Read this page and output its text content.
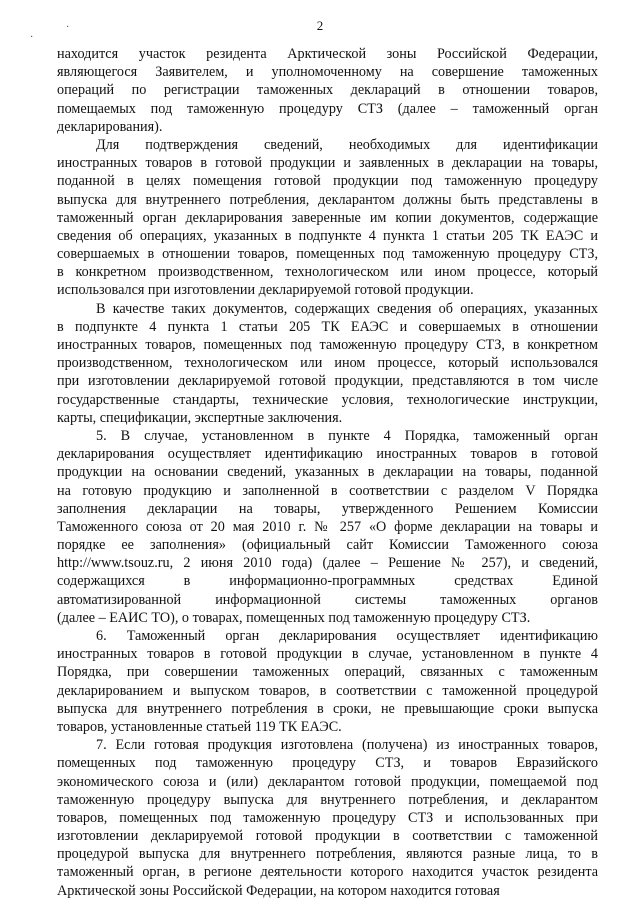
2
·
·
находится участок резидента Арктической зоны Российской Федерации,
являющегося Заявителем, и уполномоченному на совершение таможенных
операций по регистрации таможенных деклараций в отношении товаров,
помещаемых под таможенную процедуру СТЗ (далее – таможенный орган
декларирования).
Для подтверждения сведений, необходимых для идентификации
иностранных товаров в готовой продукции и заявленных в декларации на товары,
поданной в целях помещения готовой продукции под таможенную процедуру
выпуска для внутреннего потребления, декларантом должны быть представлены в
таможенный орган декларирования заверенные им копии документов, содержащие
сведения об операциях, указанных в подпункте 4 пункта 1 статьи 205 ТК ЕАЭС и
совершаемых в отношении товаров, помещенных под таможенную процедуру СТЗ,
в конкретном производственном, технологическом или ином процессе, который
использовался при изготовлении декларируемой готовой продукции.
В качестве таких документов, содержащих сведения об операциях, указанных
в подпункте 4 пункта 1 статьи 205 ТК ЕАЭС и совершаемых в отношении
иностранных товаров, помещенных под таможенную процедуру СТЗ, в конкретном
производственном, технологическом или ином процессе, который использовался
при изготовлении декларируемой готовой продукции, представляются в том числе
государственные стандарты, технические условия, технологические инструкции,
карты, спецификации, экспертные заключения.
5. В случае, установленном в пункте 4 Порядка, таможенный орган
декларирования осуществляет идентификацию иностранных товаров в готовой
продукции на основании сведений, указанных в декларации на товары, поданной
на готовую продукцию и заполненной в соответствии с разделом V Порядка
заполнения декларации на товары, утвержденного Решением Комиссии
Таможенного союза от 20 мая 2010 г. № 257 «О форме декларации на товары и
порядке ее заполнения» (официальный сайт Комиссии Таможенного союза
http://www.tsouz.ru, 2 июня 2010 года) (далее – Решение № 257), и сведений,
содержащихся в информационно-программных средствах Единой
автоматизированной информационной системы таможенных органов
(далее – ЕАИС ТО), о товарах, помещенных под таможенную процедуру СТЗ.
6. Таможенный орган декларирования осуществляет идентификацию
иностранных товаров в готовой продукции в случае, установленном в пункте 4
Порядка, при совершении таможенных операций, связанных с таможенным
декларированием и выпуском товаров, в соответствии с таможенной процедурой
выпуска для внутреннего потребления в сроки, не превышающие сроки выпуска
товаров, установленные статьей 119 ТК ЕАЭС.
7. Если готовая продукция изготовлена (получена) из иностранных товаров,
помещенных под таможенную процедуру СТЗ, и товаров Евразийского
экономического союза и (или) декларантом готовой продукции, помещаемой под
таможенную процедуру выпуска для внутреннего потребления, и декларантом
товаров, помещенных под таможенную процедуру СТЗ и использованных при
изготовлении декларируемой готовой продукции в соответствии с таможенной
процедурой выпуска для внутреннего потребления, являются разные лица, то в
таможенный орган, в регионе деятельности которого находится участок резидента
Арктической зоны Российской Федерации, на котором находится готовая
